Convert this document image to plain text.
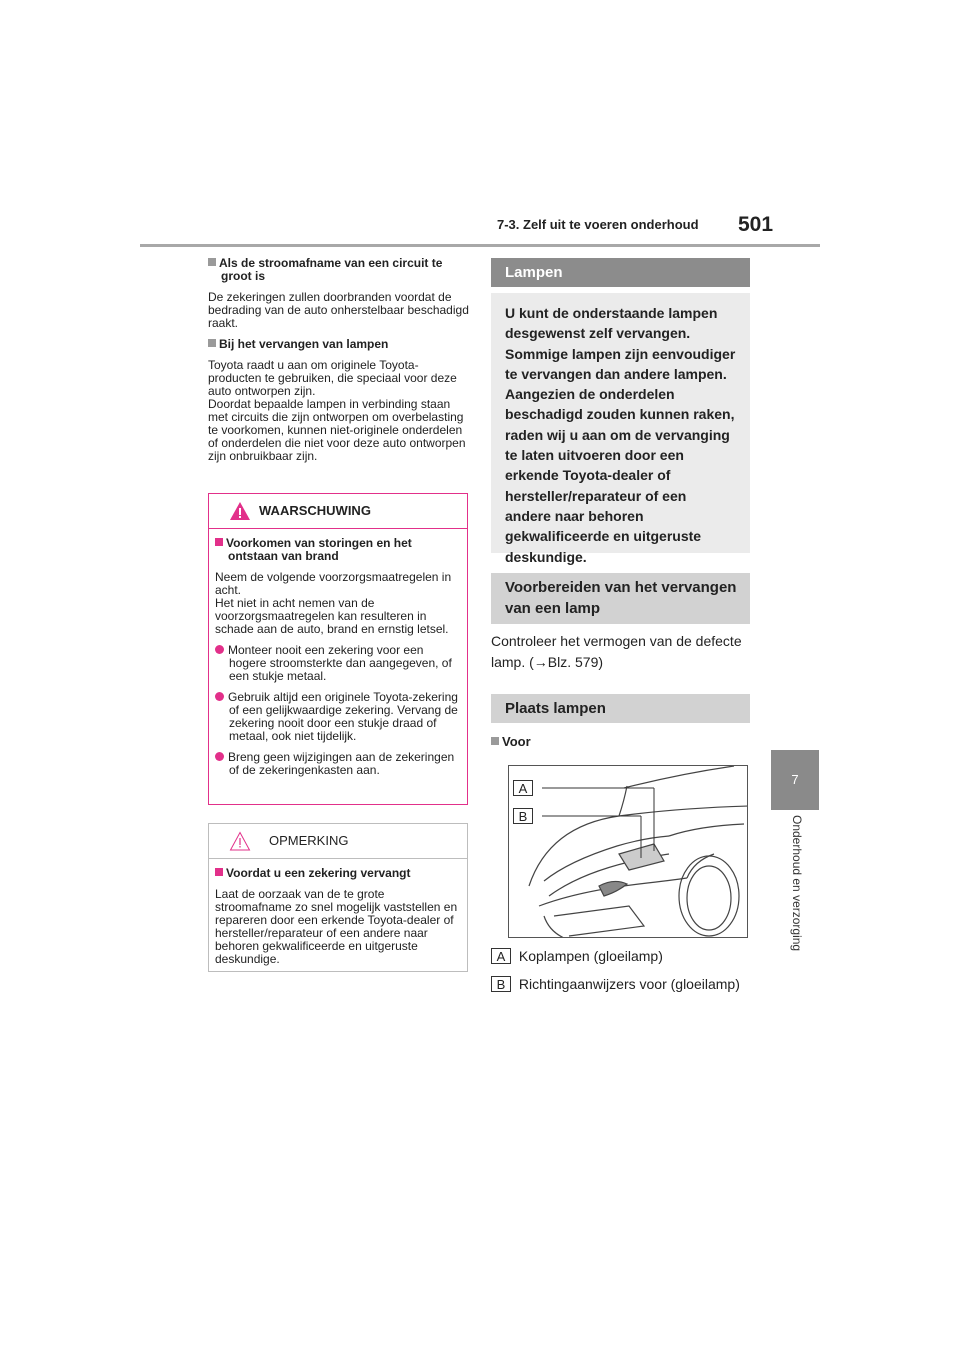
7-3. Zelf uit te voeren onderhoud 501
7
Onderhoud en verzorging
Als de stroomafname van een circuit te groot is
De zekeringen zullen doorbranden voordat de bedrading van de auto onherstelbaar beschadigd raakt.
Bij het vervangen van lampen
Toyota raadt u aan om originele Toyota-producten te gebruiken, die speciaal voor deze auto ontworpen zijn.
Doordat bepaalde lampen in verbinding staan met circuits die zijn ontworpen om overbelasting te voorkomen, kunnen niet-originele onderdelen of onderdelen die niet voor deze auto ontworpen zijn onbruikbaar zijn.
WAARSCHUWING
Voorkomen van storingen en het ontstaan van brand
Neem de volgende voorzorgsmaatregelen in acht.
Het niet in acht nemen van de voorzorgsmaatregelen kan resulteren in schade aan de auto, brand en ernstig letsel.
Monteer nooit een zekering voor een hogere stroomsterkte dan aangegeven, of een stukje metaal.
Gebruik altijd een originele Toyota-zekering of een gelijkwaardige zekering. Vervang de zekering nooit door een stukje draad of metaal, ook niet tijdelijk.
Breng geen wijzigingen aan de zekeringen of de zekeringenkasten aan.
OPMERKING
Voordat u een zekering vervangt
Laat de oorzaak van de te grote stroomafname zo snel mogelijk vaststellen en repareren door een erkende Toyota-dealer of hersteller/reparateur of een andere naar behoren gekwalificeerde en uitgeruste deskundige.
Lampen
U kunt de onderstaande lampen desgewenst zelf vervangen. Sommige lampen zijn eenvoudiger te vervangen dan andere lampen. Aangezien de onderdelen beschadigd zouden kunnen raken, raden wij u aan om de vervanging te laten uitvoeren door een erkende Toyota-dealer of hersteller/reparateur of een andere naar behoren gekwalificeerde en uitgeruste deskundige.
Voorbereiden van het vervangen van een lamp
Controleer het vermogen van de defecte lamp. (→Blz. 579)
Plaats lampen
Voor
A
B
A Koplampen (gloeilamp)
B Richtingaanwijzers voor (gloeilamp)
